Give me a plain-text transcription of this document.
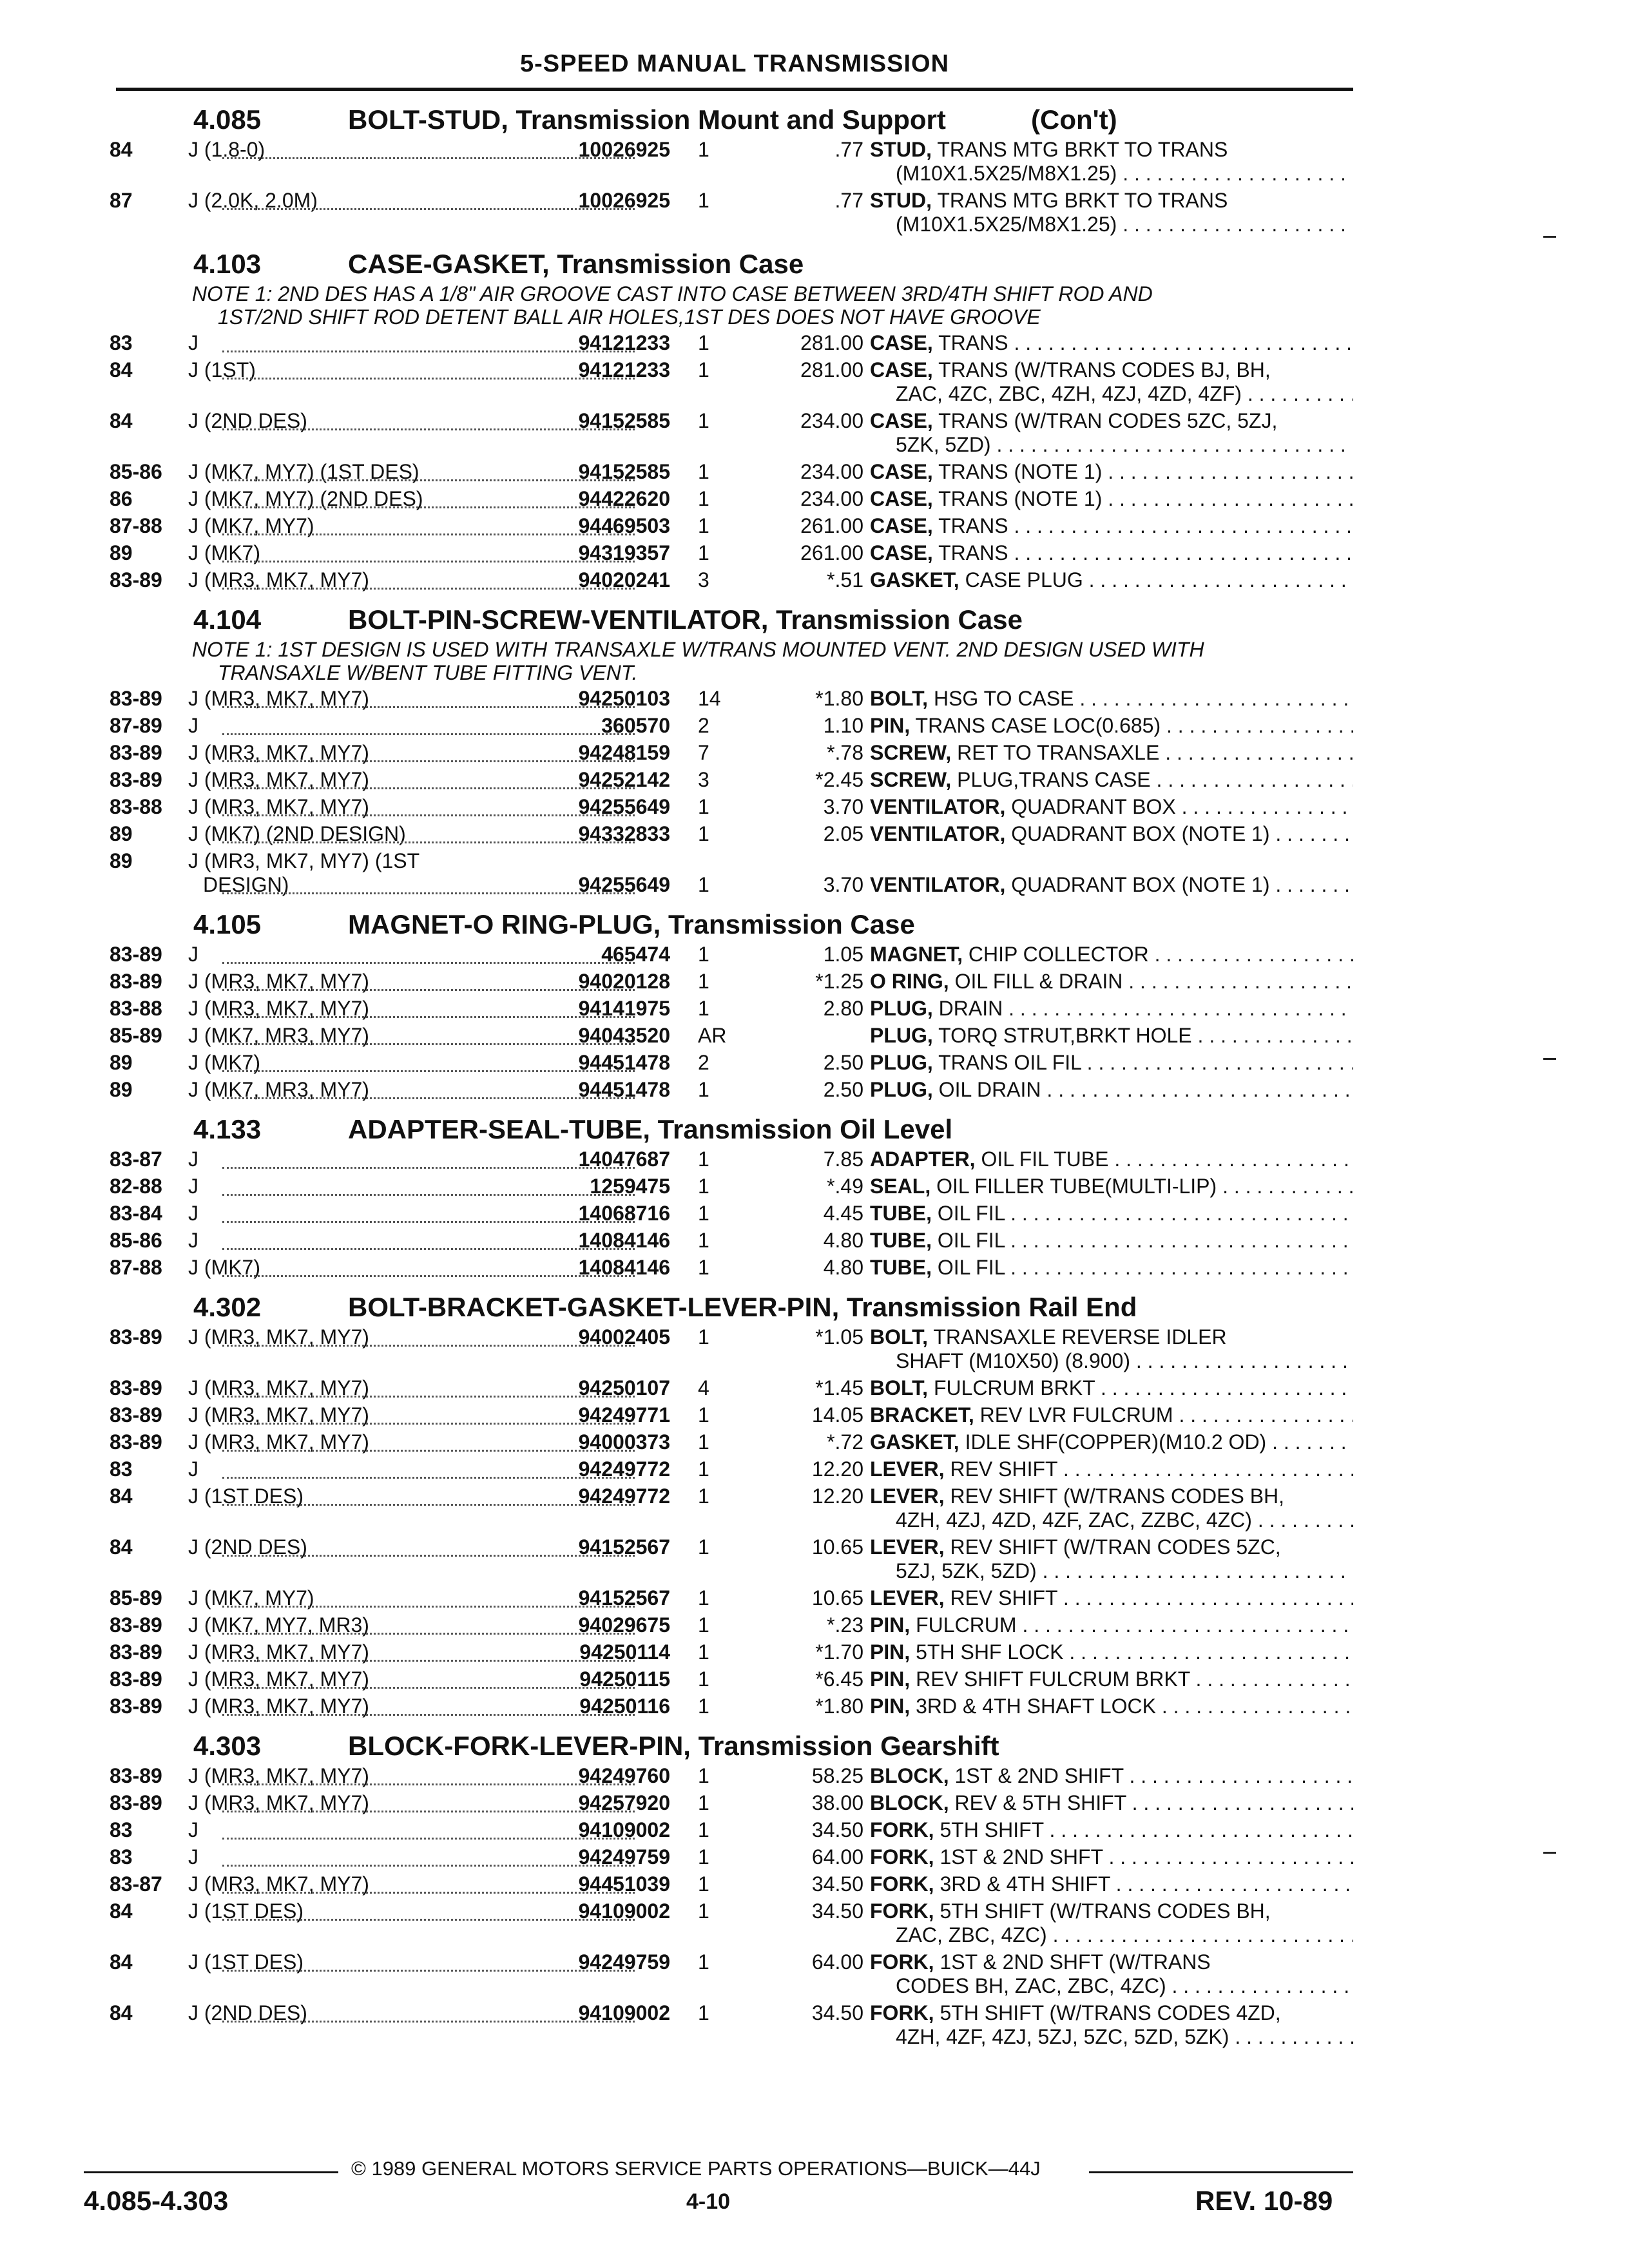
5-SPEED MANUAL TRANSMISSION
4.085	BOLT-STUD, Transmission Mount and Support	(Con't)
84	J (1.8-0)	10026925 1	.77 STUD, TRANS MTG BRKT TO TRANS
(M10X1.5X25/M8X1.25) . . .
87	J (2.0K, 2.0M)	10026925 1	.77 STUD, TRANS MTG BRKT TO TRANS
(M10X1.5X25/M8X1.25) . . .
4.103	CASE-GASKET, Transmission Case
NOTE 1: 2ND DES HAS A 1/8" AIR GROOVE CAST INTO CASE BETWEEN 3RD/4TH SHIFT ROD AND
1ST/2ND SHIFT ROD DETENT BALL AIR HOLES,1ST DES DOES NOT HAVE GROOVE
83	J	94121233 1	281.00 CASE, TRANS . . .
84	J (1ST)	94121233 1	281.00 CASE, TRANS (W/TRANS CODES BJ, BH,
ZAC, 4ZC, ZBC, 4ZH, 4ZJ, 4ZD, 4ZF) . . .
84	J (2ND DES)	94152585 1	234.00 CASE, TRANS (W/TRAN CODES 5ZC, 5ZJ,
5ZK, 5ZD) . . .
85-86 J (MK7, MY7) (1ST DES)	94152585 1	234.00 CASE, TRANS (NOTE 1) . . .
86	J (MK7, MY7) (2ND DES)	94422620 1	234.00 CASE, TRANS (NOTE 1) . . .
87-88 J (MK7, MY7)	94469503 1	261.00 CASE, TRANS . . .
89	J (MK7)	94319357 1	261.00 CASE, TRANS . . .
83-89 J (MR3, MK7, MY7)	94020241 3	*.51 GASKET, CASE PLUG . . .
4.104	BOLT-PIN-SCREW-VENTILATOR, Transmission Case
NOTE 1: 1ST DESIGN IS USED WITH TRANSAXLE W/TRANS MOUNTED VENT. 2ND DESIGN USED WITH
TRANSAXLE W/BENT TUBE FITTING VENT.
83-89 J (MR3, MK7, MY7)	94250103 14	*1.80 BOLT, HSG TO CASE . . .
87-89 J	360570 2	1.10 PIN, TRANS CASE LOC(0.685) . . .
83-89 J (MR3, MK7, MY7)	94248159 7	*.78 SCREW, RET TO TRANSAXLE . . .
83-89 J (MR3, MK7, MY7)	94252142 3	*2.45 SCREW, PLUG,TRANS CASE . . .
83-88 J (MR3, MK7, MY7)	94255649 1	3.70 VENTILATOR, QUADRANT BOX . . .
89	J (MK7) (2ND DESIGN)	94332833 1	2.05 VENTILATOR, QUADRANT BOX (NOTE 1) . . .
89	J (MR3, MK7, MY7) (1ST
DESIGN)	94255649 1	3.70 VENTILATOR, QUADRANT BOX (NOTE 1) . . .
4.105	MAGNET-O RING-PLUG, Transmission Case
83-89 J	465474 1	1.05 MAGNET, CHIP COLLECTOR . . .
83-89 J (MR3, MK7, MY7)	94020128 1	*1.25 O RING, OIL FILL & DRAIN . . .
83-88 J (MR3, MK7, MY7)	94141975 1	2.80 PLUG, DRAIN . . .
85-89 J (MK7, MR3, MY7)	94043520 AR	PLUG, TORQ STRUT,BRKT HOLE . . .
89	J (MK7)	94451478 2	2.50 PLUG, TRANS OIL FIL . . .
89	J (MK7, MR3, MY7)	94451478 1	2.50 PLUG, OIL DRAIN . . .
4.133	ADAPTER-SEAL-TUBE, Transmission Oil Level
83-87 J	14047687 1	7.85 ADAPTER, OIL FIL TUBE . . .
82-88 J	1259475 1	*.49 SEAL, OIL FILLER TUBE(MULTI-LIP) . . .
83-84 J	14068716 1	4.45 TUBE, OIL FIL . . .
85-86 J	14084146 1	4.80 TUBE, OIL FIL . . .
87-88 J (MK7)	14084146 1	4.80 TUBE, OIL FIL . . .
4.302	BOLT-BRACKET-GASKET-LEVER-PIN, Transmission Rail End
83-89 J (MR3, MK7, MY7)	94002405 1	*1.05 BOLT, TRANSAXLE REVERSE IDLER
SHAFT (M10X50) (8.900) . . .
83-89 J (MR3, MK7, MY7)	94250107 4	*1.45 BOLT, FULCRUM BRKT . . .
83-89 J (MR3, MK7, MY7)	94249771 1	14.05 BRACKET, REV LVR FULCRUM . . .
83-89 J (MR3, MK7, MY7)	94000373 1	*.72 GASKET, IDLE SHF(COPPER)(M10.2 OD) . . .
83	J	94249772 1	12.20 LEVER, REV SHIFT . . .
84	J (1ST DES)	94249772 1	12.20 LEVER, REV SHIFT (W/TRANS CODES BH,
4ZH, 4ZJ, 4ZD, 4ZF, ZAC, ZZBC, 4ZC) . . .
84	J (2ND DES)	94152567 1	10.65 LEVER, REV SHIFT (W/TRAN CODES 5ZC,
5ZJ, 5ZK, 5ZD) . . .
85-89 J (MK7, MY7)	94152567 1	10.65 LEVER, REV SHIFT . . .
83-89 J (MK7, MY7, MR3)	94029675 1	*.23 PIN, FULCRUM . . .
83-89 J (MR3, MK7, MY7)	94250114 1	*1.70 PIN, 5TH SHF LOCK . . .
83-89 J (MR3, MK7, MY7)	94250115 1	*6.45 PIN, REV SHIFT FULCRUM BRKT . . .
83-89 J (MR3, MK7, MY7)	94250116 1	*1.80 PIN, 3RD & 4TH SHAFT LOCK . . .
4.303	BLOCK-FORK-LEVER-PIN, Transmission Gearshift
83-89 J (MR3, MK7, MY7)	94249760 1	58.25 BLOCK, 1ST & 2ND SHIFT . . .
83-89 J (MR3, MK7, MY7)	94257920 1	38.00 BLOCK, REV & 5TH SHIFT . . .
83	J	94109002 1	34.50 FORK, 5TH SHIFT . . .
83	J	94249759 1	64.00 FORK, 1ST & 2ND SHFT . . .
83-87 J (MR3, MK7, MY7)	94451039 1	34.50 FORK, 3RD & 4TH SHIFT . . .
84	J (1ST DES)	94109002 1	34.50 FORK, 5TH SHIFT (W/TRANS CODES BH,
ZAC, ZBC, 4ZC) . . .
84	J (1ST DES)	94249759 1	64.00 FORK, 1ST & 2ND SHFT (W/TRANS
CODES BH, ZAC, ZBC, 4ZC) . . .
84	J (2ND DES)	94109002 1	34.50 FORK, 5TH SHIFT (W/TRANS CODES 4ZD,
4ZH, 4ZF, 4ZJ, 5ZJ, 5ZC, 5ZD, 5ZK) . . .
© 1989 GENERAL MOTORS SERVICE PARTS OPERATIONS—BUICK—44J
4.085-4.303	4-10	REV. 10-89
